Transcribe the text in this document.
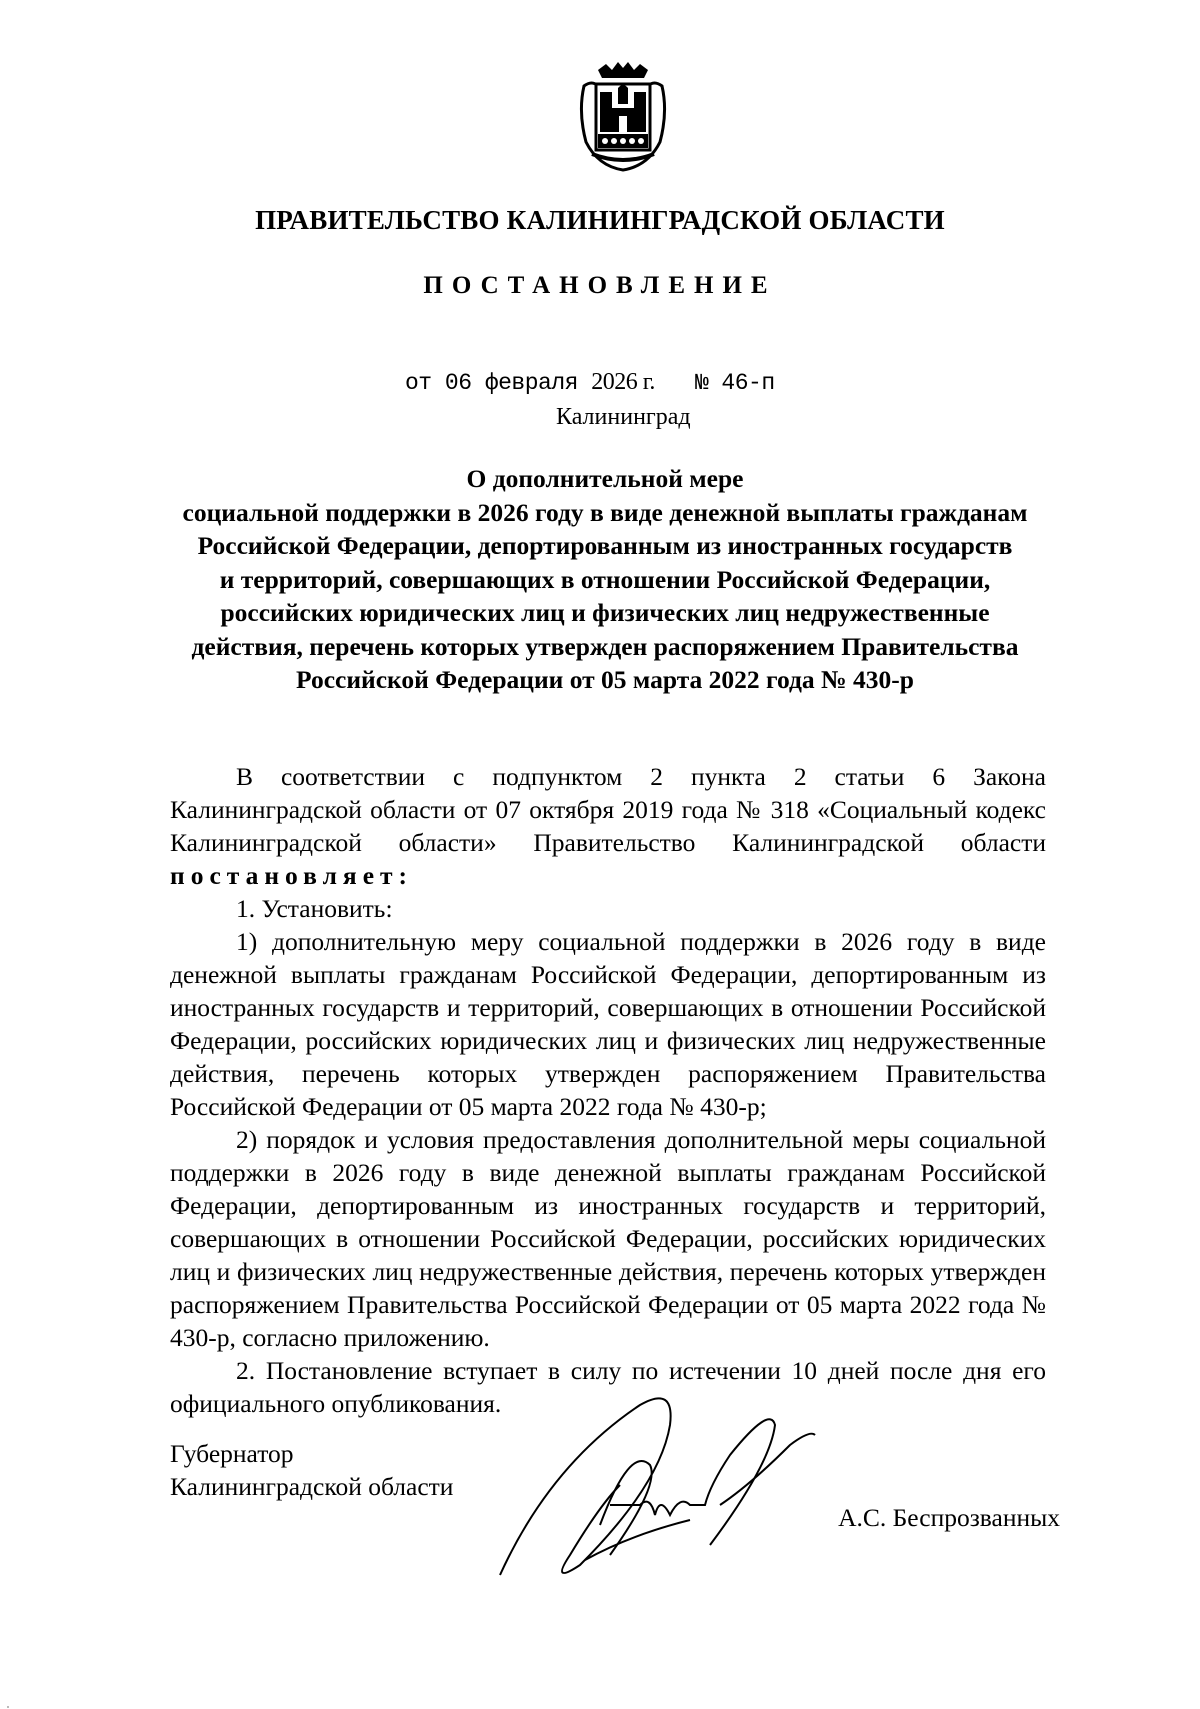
ПРАВИТЕЛЬСТВО КАЛИНИНГРАДСКОЙ ОБЛАСТИ
ПОСТАНОВЛЕНИЕ
от 06 февраля 2026 г. № 46-п
Калининград
О дополнительной мере
социальной поддержки в 2026 году в виде денежной выплаты гражданам
Российской Федерации, депортированным из иностранных государств
и территорий, совершающих в отношении Российской Федерации,
российских юридических лиц и физических лиц недружественные
действия, перечень которых утвержден распоряжением Правительства
Российской Федерации от 05 марта 2022 года № 430-р

В соответствии с подпунктом 2 пункта 2 статьи 6 Закона Калининградской области от 07 октября 2019 года № 318 «Социальный кодекс Калининградской области» Правительство Калининградской области постановляет:

1. Установить:

1) дополнительную меру социальной поддержки в 2026 году в виде денежной выплаты гражданам Российской Федерации, депортированным из иностранных государств и территорий, совершающих в отношении Российской Федерации, российских юридических лиц и физических лиц недружественные действия, перечень которых утвержден распоряжением Правительства Российской Федерации от 05 марта 2022 года № 430-р;

2) порядок и условия предоставления дополнительной меры социальной поддержки в 2026 году в виде денежной выплаты гражданам Российской Федерации, депортированным из иностранных государств и территорий, совершающих в отношении Российской Федерации, российских юридических лиц и физических лиц недружественные действия, перечень которых утвержден распоряжением Правительства Российской Федерации от 05 марта 2022 года № 430-р, согласно приложению.

2. Постановление вступает в силу по истечении 10 дней после дня его официального опубликования.

Губернатор
Калининградской области
А.С. Беспрозванных
